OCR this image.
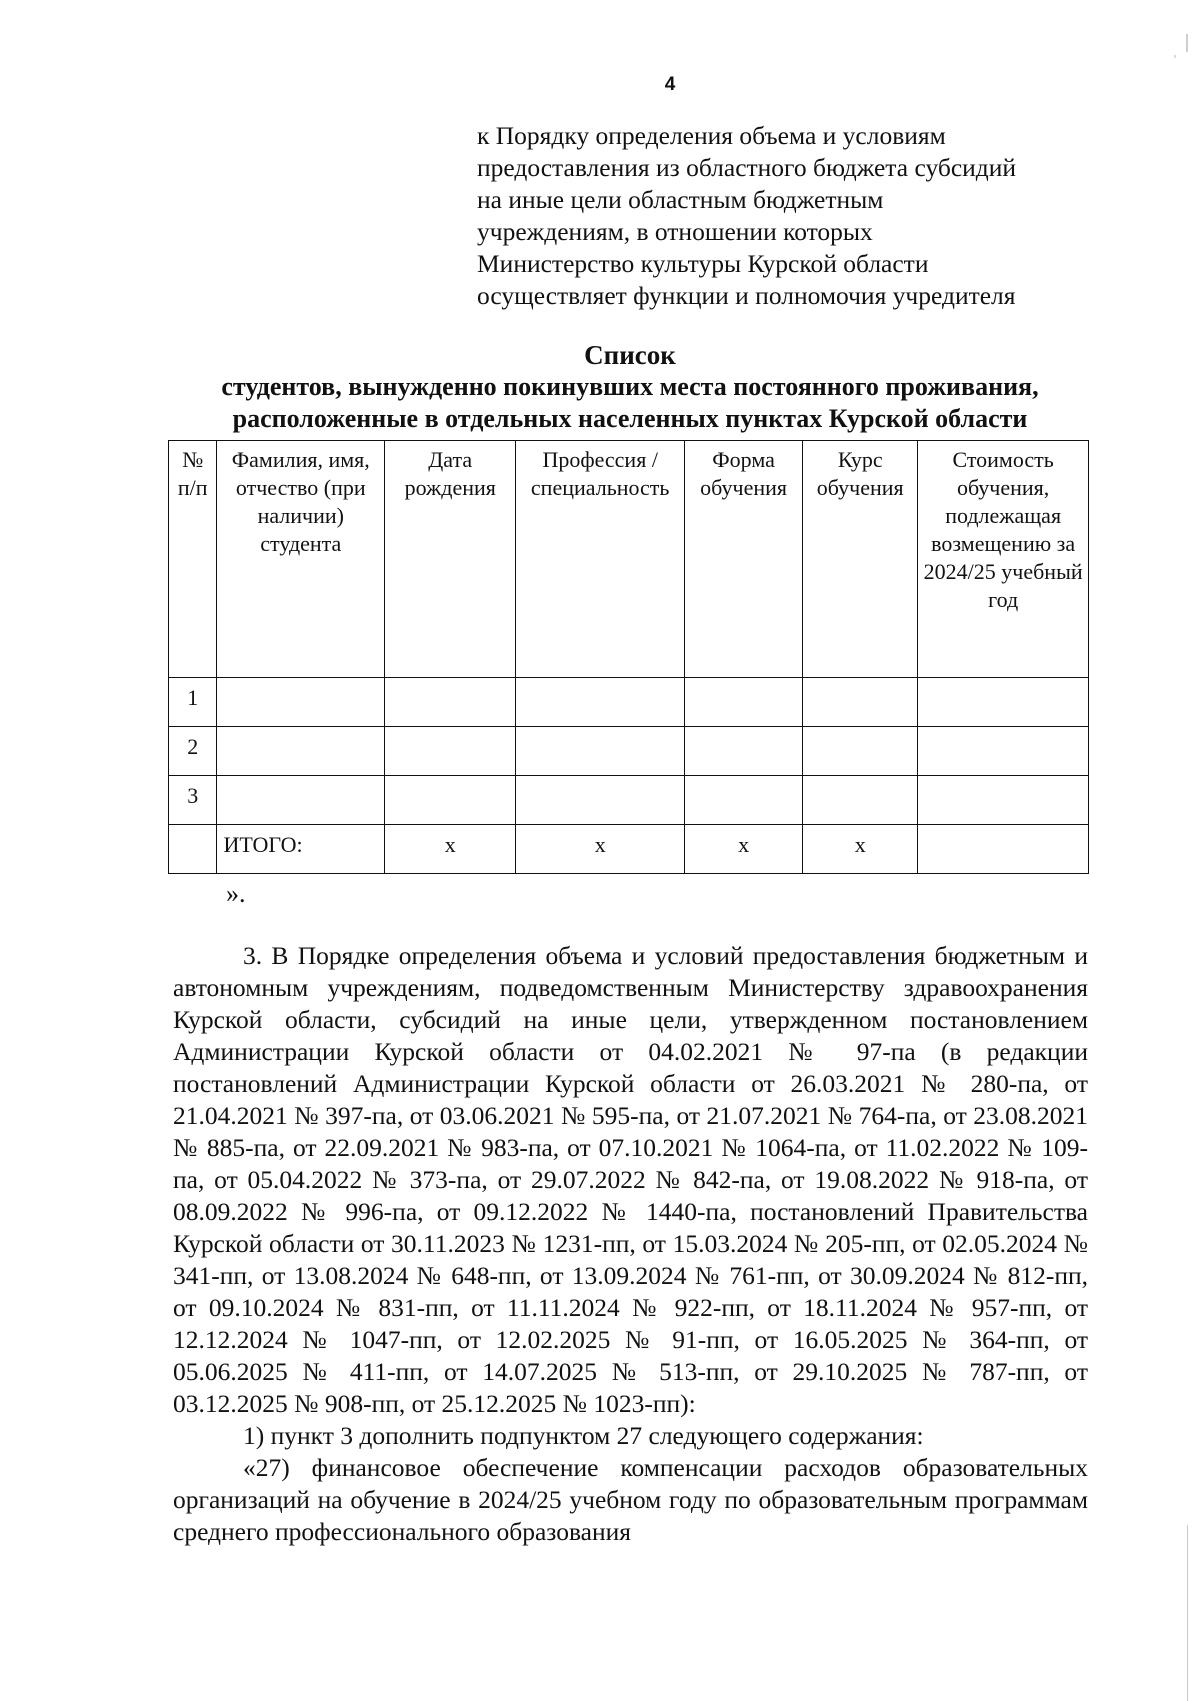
4
к Порядку определения объема и условиям
предоставления из областного бюджета субсидий
на иные цели областным бюджетным
учреждениям, в отношении которых
Министерство культуры Курской области
осуществляет функции и полномочия учредителя
Список
студентов, вынужденно покинувших места постоянного проживания,
расположенные в отдельных населенных пунктах Курской области
№ п/п	Фамилия, имя, отчество (при наличии) студента	Дата рождения	Профессия / специальность	Форма обучения	Курс обучения	Стоимость обучения, подлежащая возмещению за 2024/25 учебный год
1						
2						
3						
	ИТОГО:	х	х	х	х	
».

3. В Порядке определения объема и условий предоставления бюджетным и автономным учреждениям, подведомственным Министерству здравоохранения Курской области, субсидий на иные цели, утвержденном постановлением Администрации Курской области от 04.02.2021 № 97-па (в редакции постановлений Администрации Курской области от 26.03.2021 № 280-па, от 21.04.2021 № 397-па, от 03.06.2021 № 595-па, от 21.07.2021 № 764-па, от 23.08.2021 № 885-па, от 22.09.2021 № 983-па, от 07.10.2021 № 1064-па, от 11.02.2022 № 109-па, от 05.04.2022 № 373-па, от 29.07.2022 № 842-па, от 19.08.2022 № 918-па, от 08.09.2022 № 996-па, от 09.12.2022 № 1440-па, постановлений Правительства Курской области от 30.11.2023 № 1231-пп, от 15.03.2024 № 205-пп, от 02.05.2024 № 341-пп, от 13.08.2024 № 648-пп, от 13.09.2024 № 761-пп, от 30.09.2024 № 812-пп, от 09.10.2024 № 831-пп, от 11.11.2024 № 922-пп, от 18.11.2024 № 957-пп, от 12.12.2024 № 1047-пп, от 12.02.2025 № 91-пп, от 16.05.2025 № 364-пп, от 05.06.2025 № 411-пп, от 14.07.2025 № 513-пп, от 29.10.2025 № 787-пп, от 03.12.2025 № 908-пп, от 25.12.2025 № 1023-пп):

1) пункт 3 дополнить подпунктом 27 следующего содержания:

«27) финансовое обеспечение компенсации расходов образовательных организаций на обучение в 2024/25 учебном году по образовательным программам среднего профессионального образования
